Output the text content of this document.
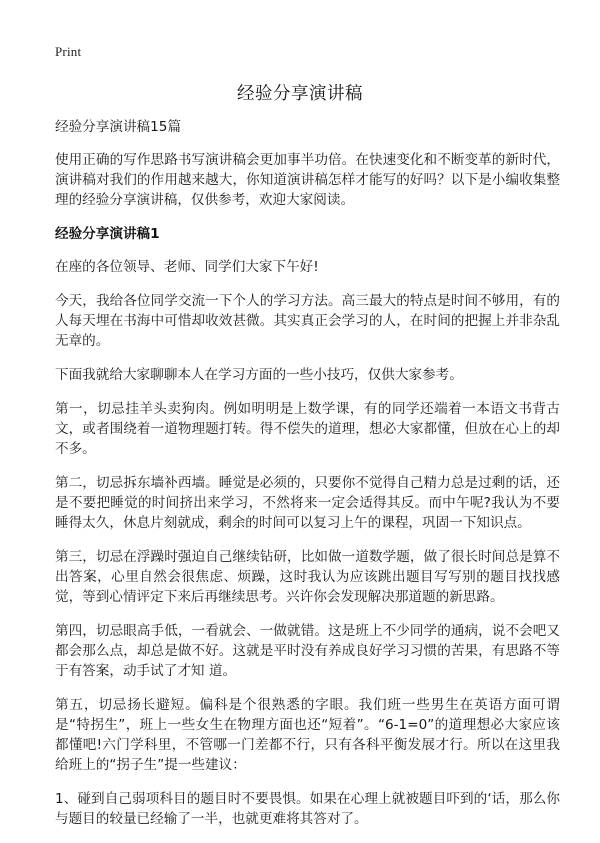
Print
经验分享演讲稿

经验分享演讲稿15篇

使用正确的写作思路书写演讲稿会更加事半功倍。在快速变化和不断变革的新时代，演讲稿对我们的作用越来越大，你知道演讲稿怎样才能写的好吗？以下是小编收集整理的经验分享演讲稿，仅供参考，欢迎大家阅读。

经验分享演讲稿1

在座的各位领导、老师、同学们大家下午好!

今天，我给各位同学交流一下个人的学习方法。高三最大的特点是时间不够用，有的人每天埋在书海中可惜却收效甚微。其实真正会学习的人，在时间的把握上并非杂乱无章的。

下面我就给大家聊聊本人在学习方面的一些小技巧，仅供大家参考。

第一，切忌挂羊头卖狗肉。例如明明是上数学课，有的同学还端着一本语文书背古文，或者围绕着一道物理题打转。得不偿失的道理，想必大家都懂，但放在心上的却不多。

第二，切忌拆东墙补西墙。睡觉是必须的，只要你不觉得自己精力总是过剩的话，还是不要把睡觉的时间挤出来学习，不然将来一定会适得其反。而中午呢?我认为不要睡得太久，休息片刻就成，剩余的时间可以复习上午的课程，巩固一下知识点。

第三，切忌在浮躁时强迫自己继续钻研，比如做一道数学题，做了很长时间总是算不出答案，心里自然会很焦虑、烦躁，这时我认为应该跳出题目写写别的题目找找感觉，等到心情评定下来后再继续思考。兴许你会发现解决那道题的新思路。

第四，切忌眼高手低，一看就会、一做就错。这是班上不少同学的通病，说不会吧又都会那么点，却总是做不好。这就是平时没有养成良好学习习惯的苦果，有思路不等于有答案，动手试了才知 道。

第五，切忌扬长避短。偏科是个很熟悉的字眼。我们班一些男生在英语方面可谓是“特拐生”，班上一些女生在物理方面也还“短着”。“6-1=0”的道理想必大家应该都懂吧!六门学科里，不管哪一门差都不行，只有各科平衡发展才行。所以在这里我给班上的“拐子生”提一些建议：

1、碰到自己弱项科目的题目时不要畏惧。如果在心理上就被题目吓到的‘话，那么你与题目的较量已经输了一半，也就更难将其答对了。
